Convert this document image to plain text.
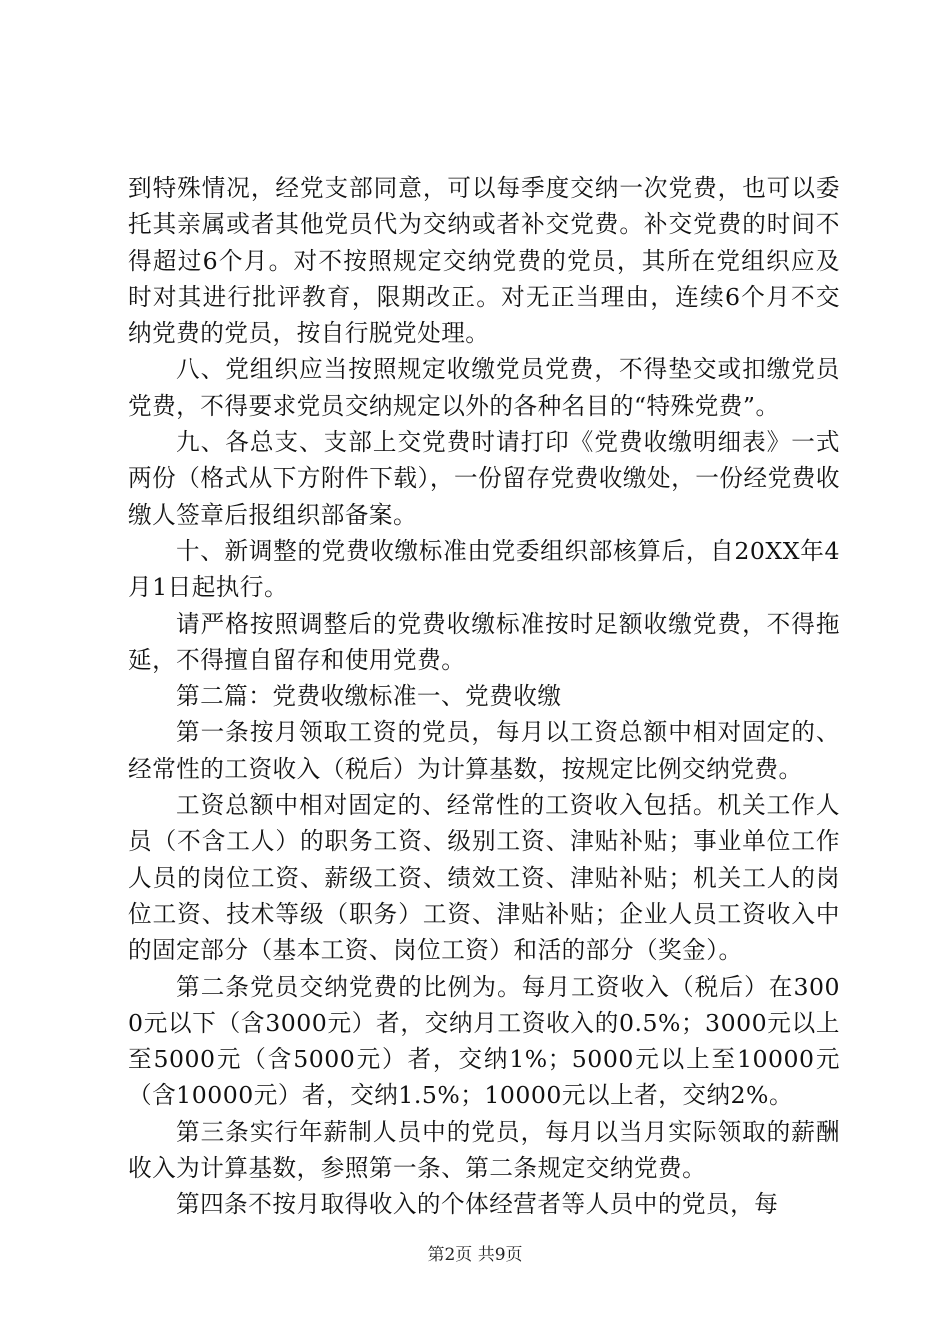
到特殊情况，经党支部同意，可以每季度交纳一次党费，也可以委托其亲属或者其他党员代为交纳或者补交党费。补交党费的时间不得超过6个月。对不按照规定交纳党费的党员，其所在党组织应及时对其进行批评教育，限期改正。对无正当理由，连续6个月不交纳党费的党员，按自行脱党处理。

八、党组织应当按照规定收缴党员党费，不得垫交或扣缴党员党费，不得要求党员交纳规定以外的各种名目的“特殊党费”。

九、各总支、支部上交党费时请打印《党费收缴明细表》一式两份（格式从下方附件下载），一份留存党费收缴处，一份经党费收缴人签章后报组织部备案。

十、新调整的党费收缴标准由党委组织部核算后，自20XX年4月1日起执行。

请严格按照调整后的党费收缴标准按时足额收缴党费，不得拖延，不得擅自留存和使用党费。

第二篇：党费收缴标准一、党费收缴

第一条按月领取工资的党员，每月以工资总额中相对固定的、经常性的工资收入（税后）为计算基数，按规定比例交纳党费。

工资总额中相对固定的、经常性的工资收入包括。机关工作人员（不含工人）的职务工资、级别工资、津贴补贴；事业单位工作人员的岗位工资、薪级工资、绩效工资、津贴补贴；机关工人的岗位工资、技术等级（职务）工资、津贴补贴；企业人员工资收入中的固定部分（基本工资、岗位工资）和活的部分（奖金）。

第二条党员交纳党费的比例为。每月工资收入（税后）在3000元以下（含3000元）者，交纳月工资收入的0.5%；3000元以上至5000元（含5000元）者，交纳1%；5000元以上至10000元（含10000元）者，交纳1.5%；10000元以上者，交纳2%。

第三条实行年薪制人员中的党员，每月以当月实际领取的薪酬收入为计算基数，参照第一条、第二条规定交纳党费。

第四条不按月取得收入的个体经营者等人员中的党员，每

第2页 共9页
